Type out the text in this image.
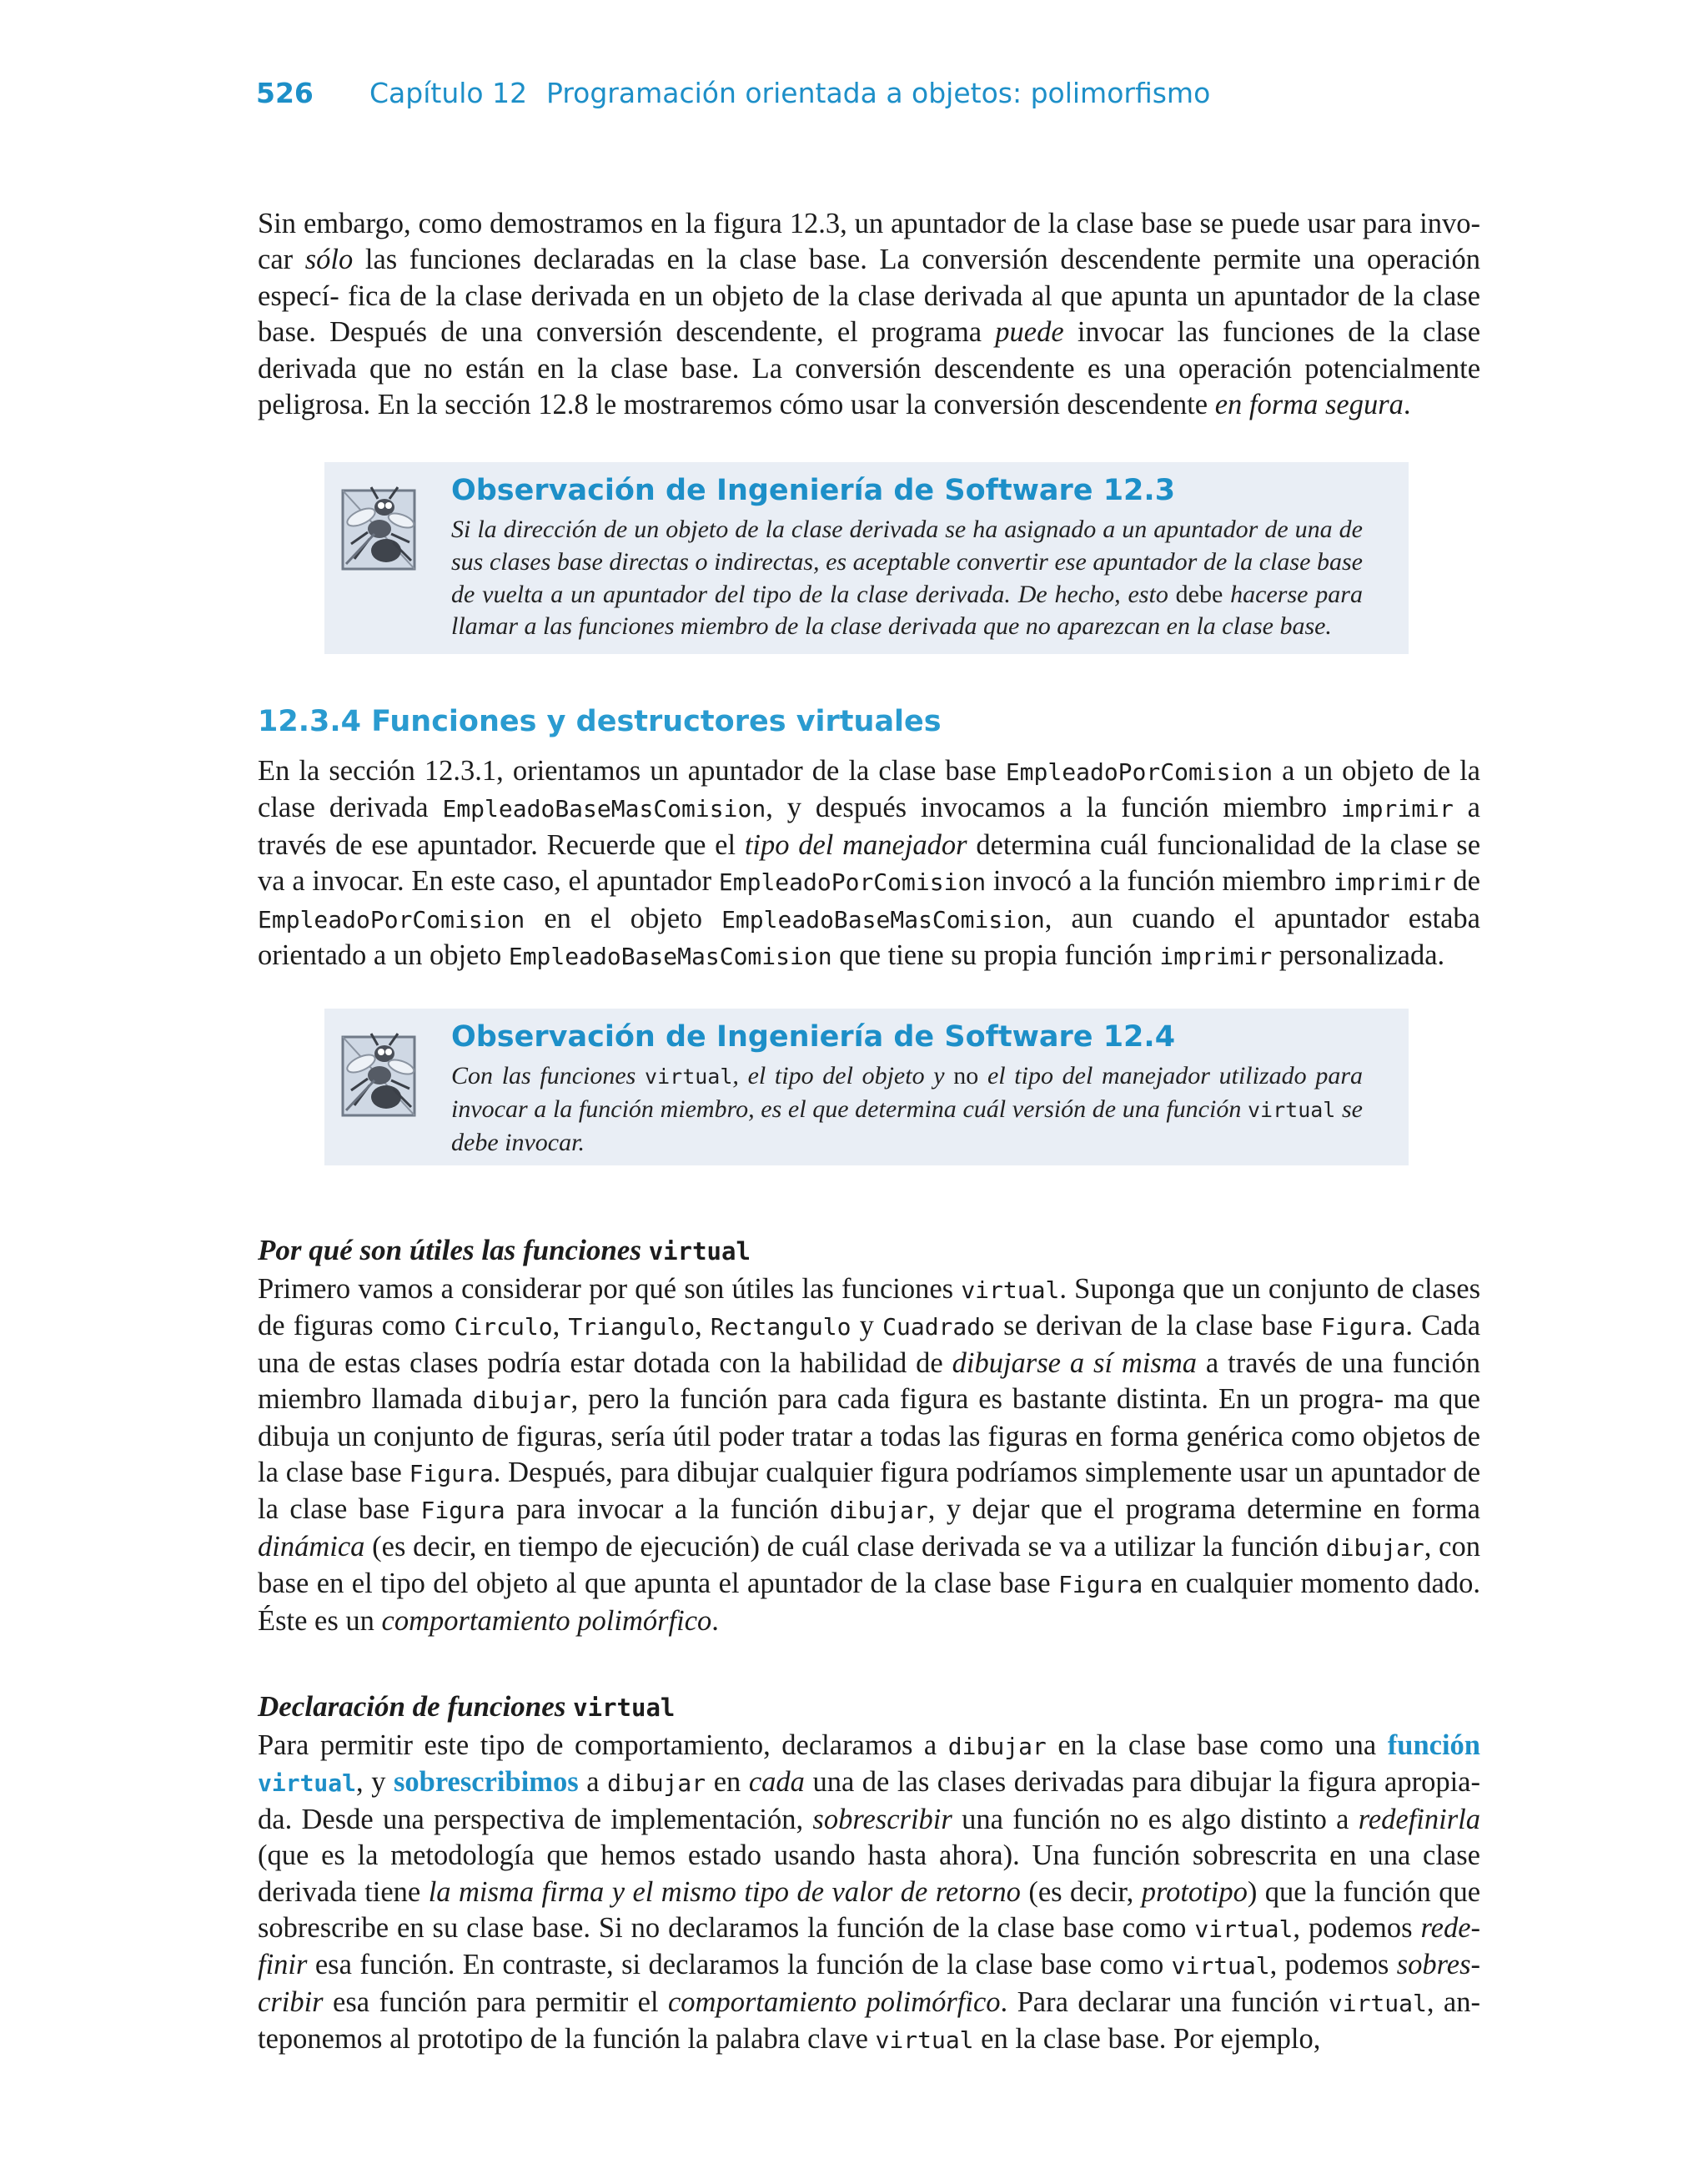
526 Capítulo 12 Programación orientada a objetos: polimorfismo

Sin embargo, como demostramos en la figura 12.3, un apuntador de la clase base se puede usar para invo- car sólo las funciones declaradas en la clase base. La conversión descendente permite una operación especí- fica de la clase derivada en un objeto de la clase derivada al que apunta un apuntador de la clase base. Después de una conversión descendente, el programa puede invocar las funciones de la clase derivada que no están en la clase base. La conversión descendente es una operación potencialmente peligrosa. En la sección 12.8 le mostraremos cómo usar la conversión descendente en forma segura.

Observación de Ingeniería de Software 12.3
Si la dirección de un objeto de la clase derivada se ha asignado a un apuntador de una de sus clases base directas o indirectas, es aceptable convertir ese apuntador de la clase base de vuelta a un apuntador del tipo de la clase derivada. De hecho, esto debe hacerse para llamar a las funciones miembro de la clase derivada que no aparezcan en la clase base.
12.3.4 Funciones y destructores virtuales

En la sección 12.3.1, orientamos un apuntador de la clase base EmpleadoPorComision a un objeto de la clase derivada EmpleadoBaseMasComision, y después invocamos a la función miembro imprimir a través de ese apuntador. Recuerde que el tipo del manejador determina cuál funcionalidad de la clase se va a invocar. En este caso, el apuntador EmpleadoPorComision invocó a la función miembro imprimir de EmpleadoPorComision en el objeto EmpleadoBaseMasComision, aun cuando el apuntador estaba orientado a un objeto EmpleadoBaseMasComision que tiene su propia función imprimir personalizada.

Observación de Ingeniería de Software 12.4
Con las funciones virtual, el tipo del objeto y no el tipo del manejador utilizado para invocar a la función miembro, es el que determina cuál versión de una función virtual se debe invocar.
Por qué son útiles las funciones virtual

Primero vamos a considerar por qué son útiles las funciones virtual. Suponga que un conjunto de clases de figuras como Circulo, Triangulo, Rectangulo y Cuadrado se derivan de la clase base Figura. Cada una de estas clases podría estar dotada con la habilidad de dibujarse a sí misma a través de una función miembro llamada dibujar, pero la función para cada figura es bastante distinta. En un progra- ma que dibuja un conjunto de figuras, sería útil poder tratar a todas las figuras en forma genérica como objetos de la clase base Figura. Después, para dibujar cualquier figura podríamos simplemente usar un apuntador de la clase base Figura para invocar a la función dibujar, y dejar que el programa determine en forma dinámica (es decir, en tiempo de ejecución) de cuál clase derivada se va a utilizar la función dibujar, con base en el tipo del objeto al que apunta el apuntador de la clase base Figura en cualquier momento dado. Éste es un comportamiento polimórfico.

Declaración de funciones virtual

Para permitir este tipo de comportamiento, declaramos a dibujar en la clase base como una función virtual, y sobrescribimos a dibujar en cada una de las clases derivadas para dibujar la figura apropia- da. Desde una perspectiva de implementación, sobrescribir una función no es algo distinto a redefinirla (que es la metodología que hemos estado usando hasta ahora). Una función sobrescrita en una clase derivada tiene la misma firma y el mismo tipo de valor de retorno (es decir, prototipo) que la función que sobrescribe en su clase base. Si no declaramos la función de la clase base como virtual, podemos rede- finir esa función. En contraste, si declaramos la función de la clase base como virtual, podemos sobres- cribir esa función para permitir el comportamiento polimórfico. Para declarar una función virtual, an- teponemos al prototipo de la función la palabra clave virtual en la clase base. Por ejemplo,
